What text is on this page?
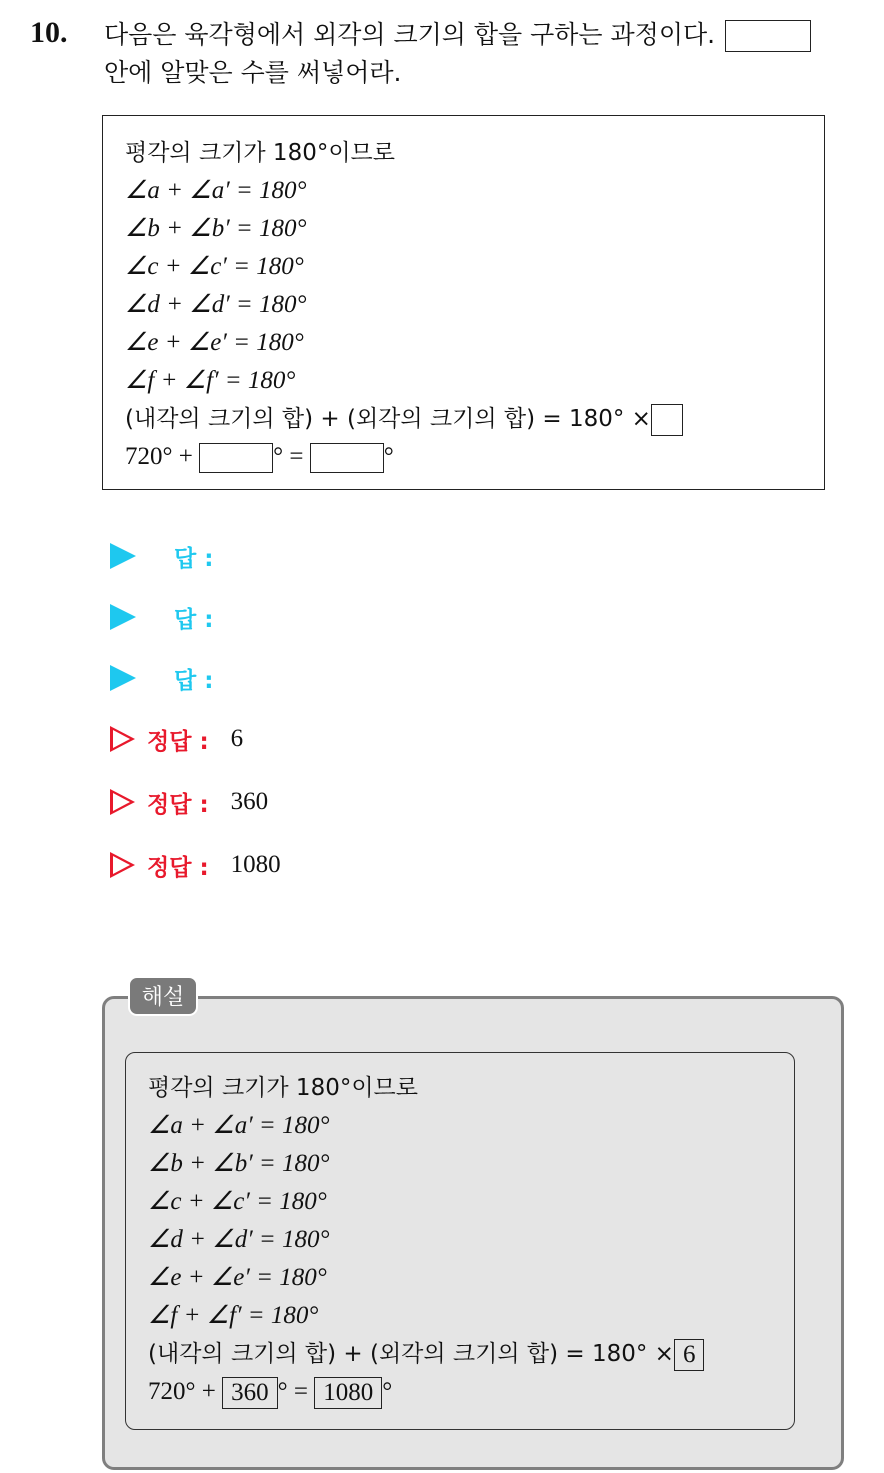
10. 다음은 육각형에서 외각의 크기의 합을 구하는 과정이다.
안에 알맞은 수를 써넣어라.
평각의 크기가 180°이므로
∠a + ∠a′ = 180°
∠b + ∠b′ = 180°
∠c + ∠c′ = 180°
∠d + ∠d′ = 180°
∠e + ∠e′ = 180°
∠f + ∠f′ = 180°
(내각의 크기의 합) + (외각의 크기의 합) = 180° ×
720° +	° =	°
답 :
답 :
답 :
정답 : 6
정답 : 360
정답 : 1080
해설
평각의 크기가 180°이므로
∠a + ∠a′ = 180°
∠b + ∠b′ = 180°
∠c + ∠c′ = 180°
∠d + ∠d′ = 180°
∠e + ∠e′ = 180°
∠f + ∠f′ = 180°
(내각의 크기의 합) + (외각의 크기의 합) = 180° × 6
720° + 360 ° = 1080 °
